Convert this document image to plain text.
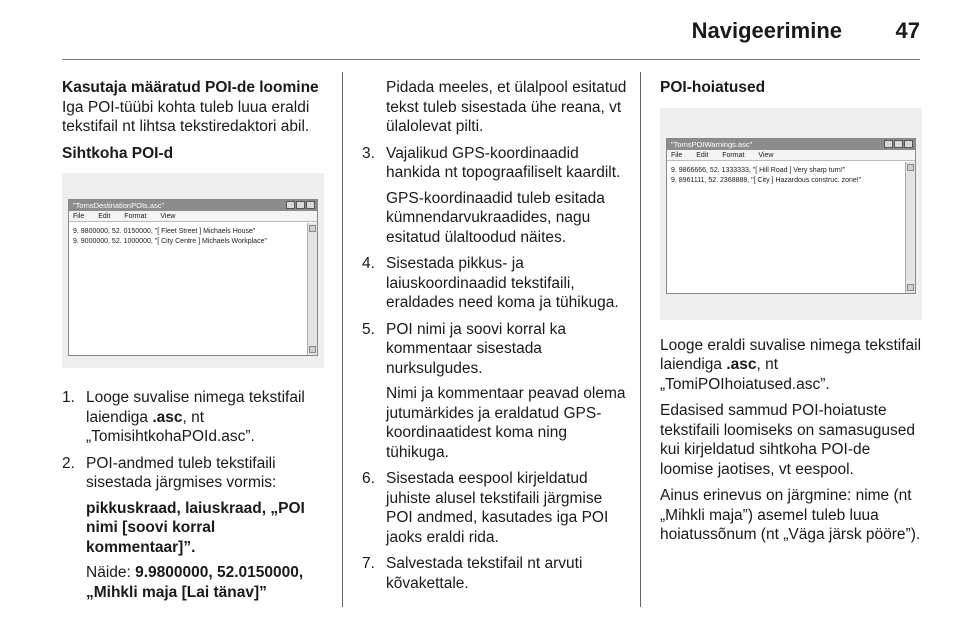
Navigeerimine 47
Kasutaja määratud POI-de loomine

Iga POI-tüübi kohta tuleb luua eraldi tekstifail nt lihtsa tekstiredaktori abil.

Sihtkoha POI-d
"TomsDestinationPOIs.asc"
File Edit Format View
9. 9800000, 52. 0150000, "[ Fleet Street ] Michaels House"
9. 9000000, 52. 1000000, "[ City Centre ] Michaels Workplace"
1. Looge suvalise nimega tekstifail laiendiga .asc, nt „TomisihtkohaPOId.asc”.

2. POI-andmed tuleb tekstifaili sisestada järgmises vormis:

pikkuskraad, laiuskraad, „POI nimi [soovi korral kommentaar]”.

Näide: 9.9800000, 52.0150000, „Mihkli maja [Lai tänav]”

Pidada meeles, et ülalpool esitatud tekst tuleb sisestada ühe reana, vt ülalolevat pilti.

3. Vajalikud GPS-koordinaadid hankida nt topograafiliselt kaardilt.

GPS-koordinaadid tuleb esitada kümnendarvukraadides, nagu esitatud ülaltoodud näites.

4. Sisestada pikkus- ja laiuskoordinaadid tekstifaili, eraldades need koma ja tühikuga.

5. POI nimi ja soovi korral ka kommentaar sisestada nurksulgudes.

Nimi ja kommentaar peavad olema jutumärkides ja eraldatud GPS-koordinaatidest koma ning tühikuga.

6. Sisestada eespool kirjeldatud juhiste alusel tekstifaili järgmise POI andmed, kasutades iga POI jaoks eraldi rida.

7. Salvestada tekstifail nt arvuti kõvakettale.

POI-hoiatused
"TomsPOIWarnings.asc"
File Edit Format View
9. 9866666, 52. 1333333, "[ Hill Road ] Very sharp turn!"
9. 8961111, 52. 2368888, "[ City ] Hazardous construc. zone!"

Looge eraldi suvalise nimega tekstifail laiendiga .asc, nt „TomiPOIhoiatused.asc”.

Edasised sammud POI-hoiatuste tekstifaili loomiseks on samasugused kui kirjeldatud sihtkoha POI-de loomise jaotises, vt eespool.

Ainus erinevus on järgmine: nime (nt „Mihkli maja”) asemel tuleb luua hoiatussõnum (nt „Väga järsk pööre”).
